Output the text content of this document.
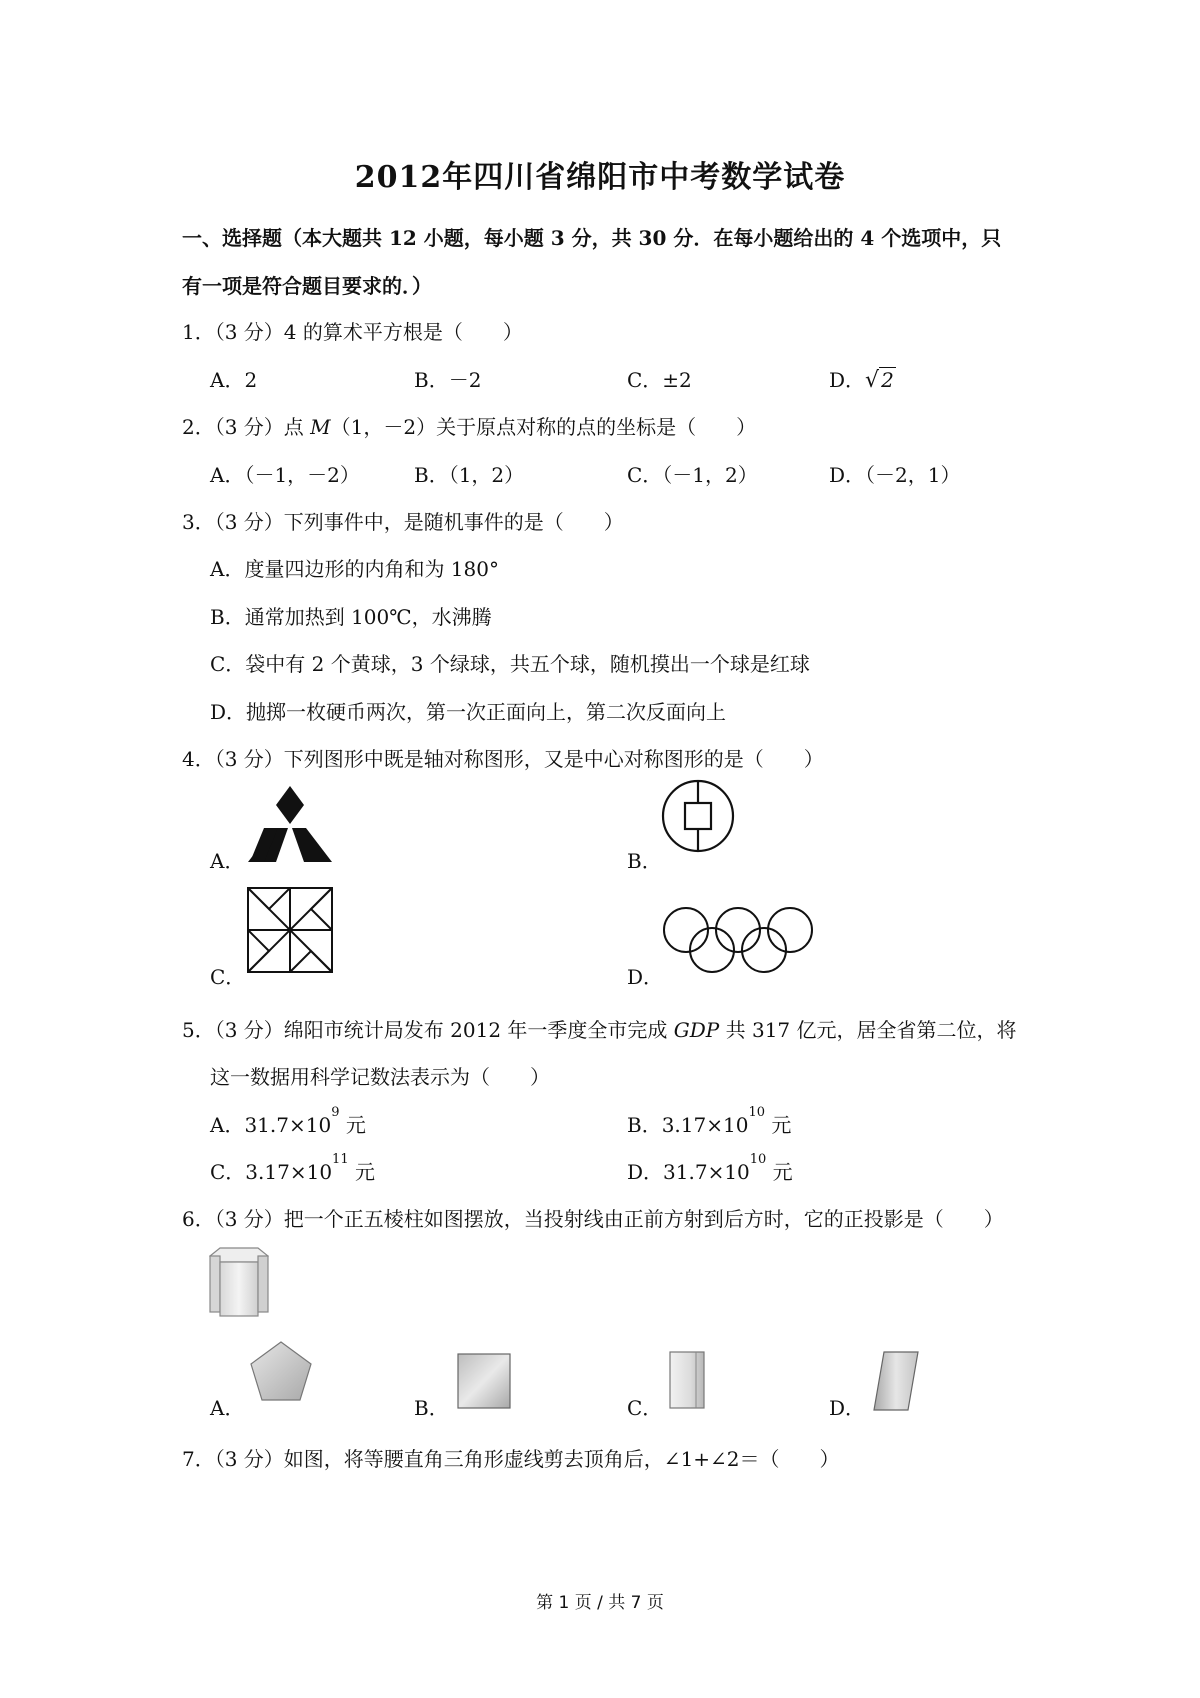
2012年四川省绵阳市中考数学试卷
一、选择题（本大题共 12 小题，每小题 3 分，共 30 分．在每小题给出的 4 个选项中，只
有一项是符合题目要求的．）
1．（3 分）4 的算术平方根是（　　）
A．2	B．－2	C．±2	D．√ 2
2．（3 分）点 M（1，－2）关于原点对称的点的坐标是（　　）
A．（－1，－2）	B．（1，2）	C．（－1，2）	D．（－2，1）
3．（3 分）下列事件中，是随机事件的是（　　）
A．度量四边形的内角和为 180°
B．通常加热到 100℃，水沸腾
C．袋中有 2 个黄球，3 个绿球，共五个球，随机摸出一个球是红球
D．抛掷一枚硬币两次，第一次正面向上，第二次反面向上
4．（3 分）下列图形中既是轴对称图形，又是中心对称图形的是（　　）
A．	B．
C．	D．
5．（3 分）绵阳市统计局发布 2012 年一季度全市完成 GDP 共 317 亿元，居全省第二位，将
这一数据用科学记数法表示为（　　）
A．$31.7\times 10^9$ 元	B．$3.17\times 10^{10}$ 元
C．$3.17\times 10^{11}$ 元	D．$31.7\times 10^{10}$ 元
6．（3 分）把一个正五棱柱如图摆放，当投射线由正前方射到后方时，它的正投影是（　　）
A．	B．	C．	D．
7．（3 分）如图，将等腰直角三角形虚线剪去顶角后，∠1+∠2＝（　　）
第 1 页 / 共 7 页
